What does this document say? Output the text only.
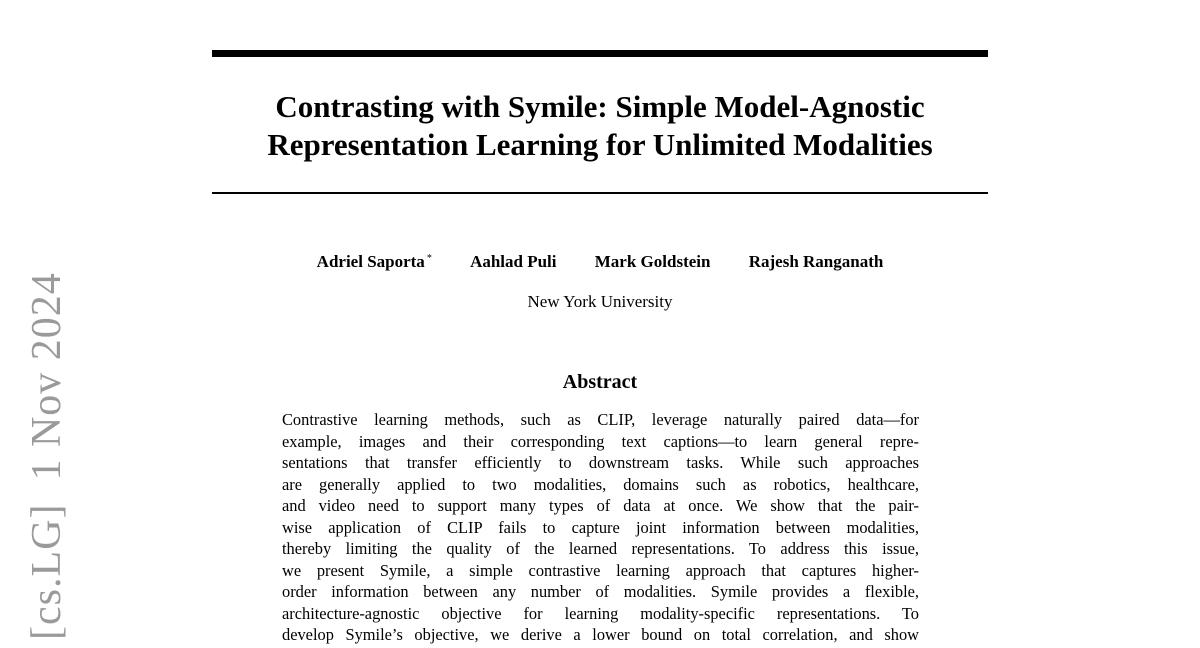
[cs.LG]  1 Nov 2024
Contrasting with Symile: Simple Model-Agnostic
Representation Learning for Unlimited Modalities
Adriel Saporta * Aahlad Puli Mark Goldstein Rajesh Ranganath
New York University
Abstract
Contrastive learning methods, such as CLIP, leverage naturally paired data—for
example, images and their corresponding text captions—to learn general repre-
sentations that transfer efficiently to downstream tasks. While such approaches
are generally applied to two modalities, domains such as robotics, healthcare,
and video need to support many types of data at once. We show that the pair-
wise application of CLIP fails to capture joint information between modalities,
thereby limiting the quality of the learned representations. To address this issue,
we present Symile, a simple contrastive learning approach that captures higher-
order information between any number of modalities. Symile provides a flexible,
architecture-agnostic objective for learning modality-specific representations. To
develop Symile’s objective, we derive a lower bound on total correlation, and show
